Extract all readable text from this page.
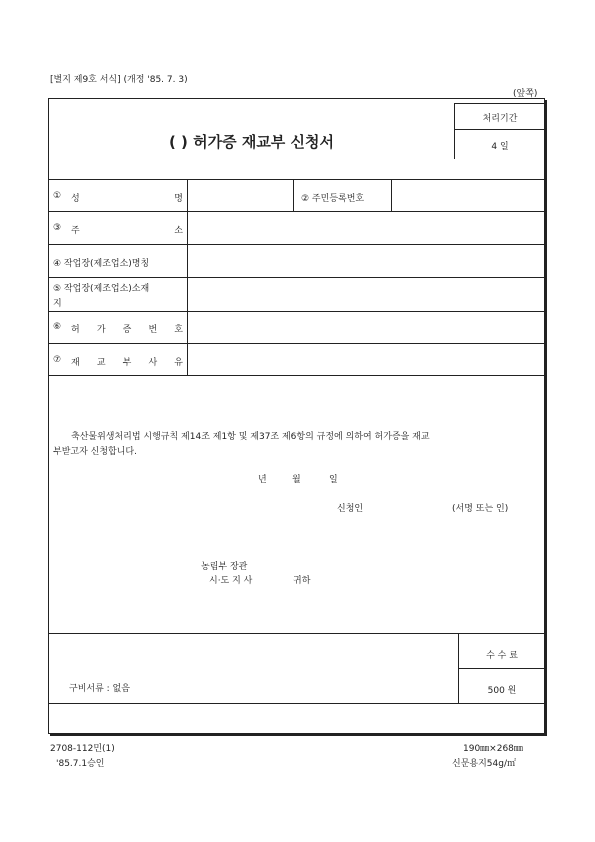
[별지 제9호 서식] (개정 '85. 7. 3)
(앞쪽)
( ) 허가증 재교부 신청서
처리기간
4 일
① 성	명	② 주민등록번호
③ 주	소
④ 작업장(제조업소)명칭
⑤ 작업장(제조업소)소재
지
⑥ 허 가 증 번 호
⑦ 재 교 부 사 유
축산물위생처리법 시행규칙 제14조 제1항 및 제37조 제6항의 규정에 의하여 허가증을 재교
부받고자 신청합니다.
년	월	일
신청인	(서명 또는 인)
농림부 장관
시·도 지 사	귀하
구비서류 : 없음
수 수 료
500 원
2708-112민(1)
'85.7.1승인
190㎜×268㎜
신문용지54g/㎡
